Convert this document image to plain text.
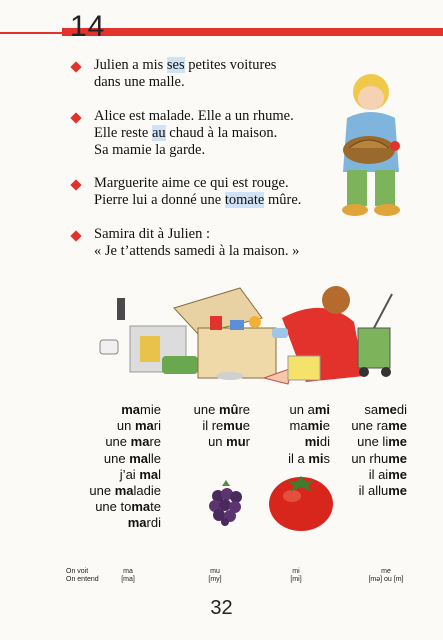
14
Julien a mis ses petites voitures
dans une malle.
Alice est malade. Elle a un rhume.
Elle reste au chaud à la maison.
Sa mamie la garde.
Marguerite aime ce qui est rouge.
Pierre lui a donné une tomate mûre.
Samira dit à Julien :
« Je t’attends samedi à la maison. »
mamie
un mari
une mare
une malle
j’ai mal
une maladie
une tomate
mardi
une mûre
il remue
un mur
un ami
mamie
midi
il a mis
samedi
une rame
une lime
un rhume
il aime
il allume
On voit
On entend
ma
[ma]
mu
[my]
mi
[mi]
me
[mə] ou [m]
32
